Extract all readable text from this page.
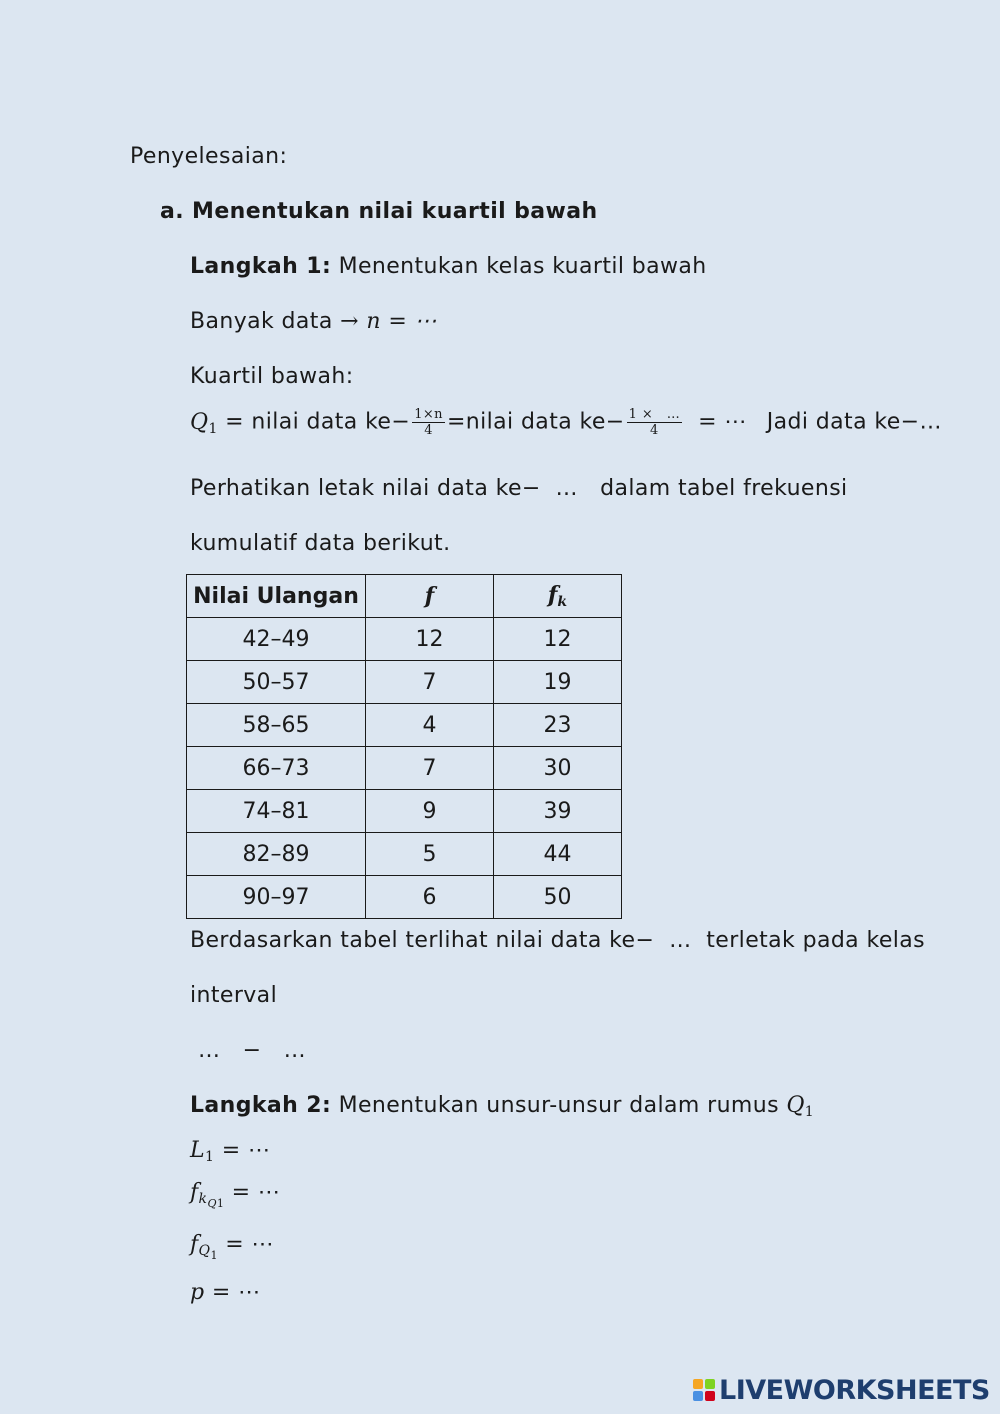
Penyelesaian:
a. Menentukan nilai kuartil bawah
Langkah 1: Menentukan kelas kuartil bawah
Banyak data → n = ⋯
Kuartil bawah:
$Q_1$ = nilai data $ke- \frac{1\times n}{4}$ =nilai data $ke- \frac{1 \times \dots}{4}$ = ⋯ Jadi data ke−…
Perhatikan letak nilai data ke−  …   dalam tabel frekuensi
kumulatif data berikut.
Nilai Ulangan	f	$f_k$
42–49	12	12
50–57	7	19
58–65	4	23
66–73	7	30
74–81	9	39
82–89	5	44
90–97	6	50
Berdasarkan tabel terlihat nilai data ke−  …  terletak pada kelas
interval
…   −   …
Langkah 2: Menentukan unsur-unsur dalam rumus $Q_1$
$L_1$ = ⋯
$f_{kQ1}$ = ⋯
$f_{Q1}$ = ⋯
p = ⋯
LIVEWORKSHEETS
